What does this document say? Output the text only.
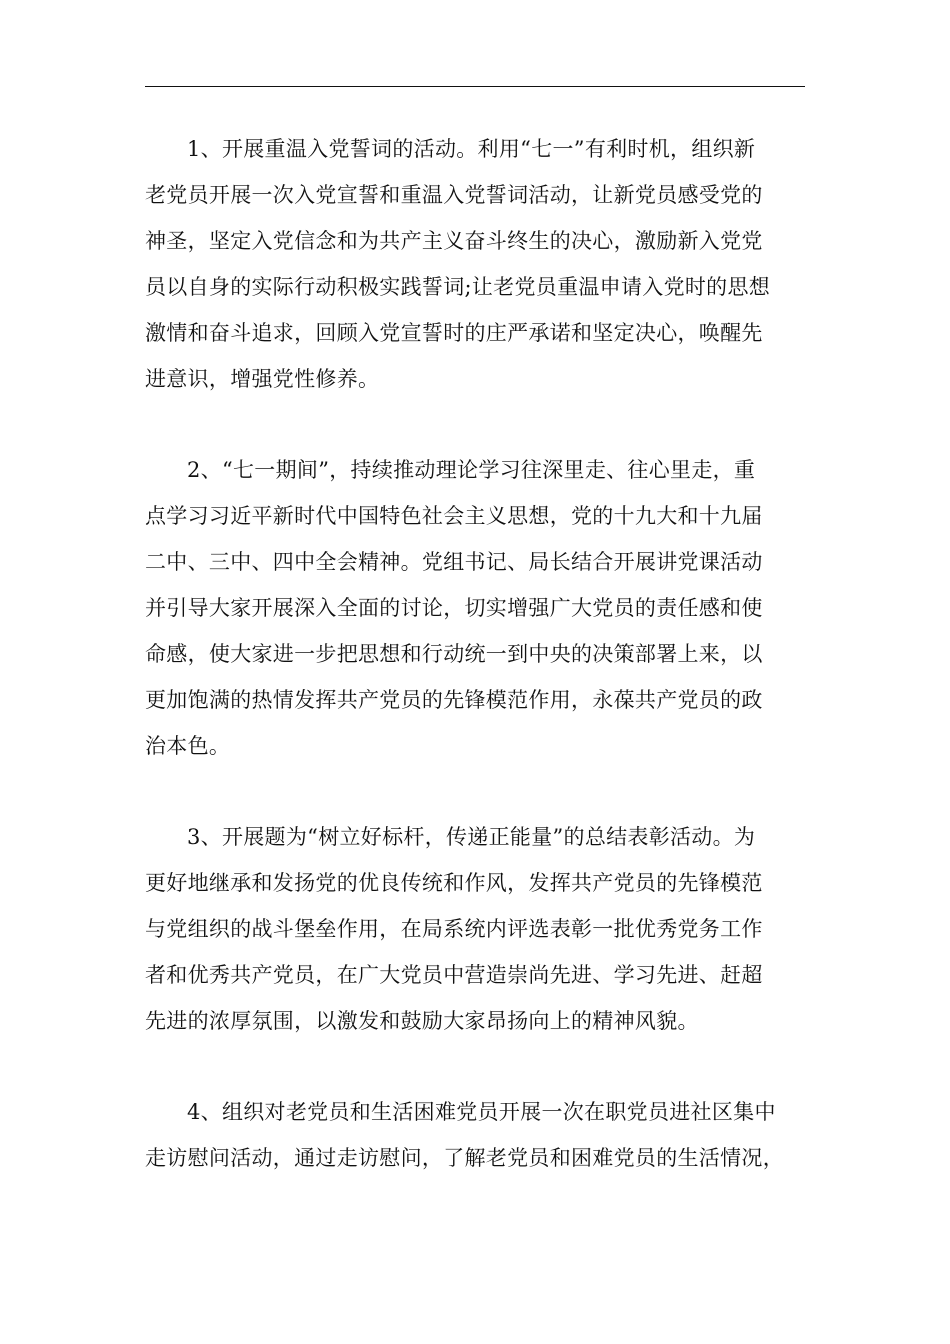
1、开展重温入党誓词的活动。利用“七一”有利时机，组织新
老党员开展一次入党宣誓和重温入党誓词活动，让新党员感受党的
神圣，坚定入党信念和为共产主义奋斗终生的决心，激励新入党党
员以自身的实际行动积极实践誓词;让老党员重温申请入党时的思想
激情和奋斗追求，回顾入党宣誓时的庄严承诺和坚定决心，唤醒先
进意识，增强党性修养。
2、“七一期间”，持续推动理论学习往深里走、往心里走，重
点学习习近平新时代中国特色社会主义思想，党的十九大和十九届
二中、三中、四中全会精神。党组书记、局长结合开展讲党课活动
并引导大家开展深入全面的讨论，切实增强广大党员的责任感和使
命感，使大家进一步把思想和行动统一到中央的决策部署上来，以
更加饱满的热情发挥共产党员的先锋模范作用，永葆共产党员的政
治本色。
3、开展题为“树立好标杆，传递正能量”的总结表彰活动。为
更好地继承和发扬党的优良传统和作风，发挥共产党员的先锋模范
与党组织的战斗堡垒作用，在局系统内评选表彰一批优秀党务工作
者和优秀共产党员，在广大党员中营造崇尚先进、学习先进、赶超
先进的浓厚氛围，以激发和鼓励大家昂扬向上的精神风貌。
4、组织对老党员和生活困难党员开展一次在职党员进社区集中
走访慰问活动，通过走访慰问，了解老党员和困难党员的生活情况，
